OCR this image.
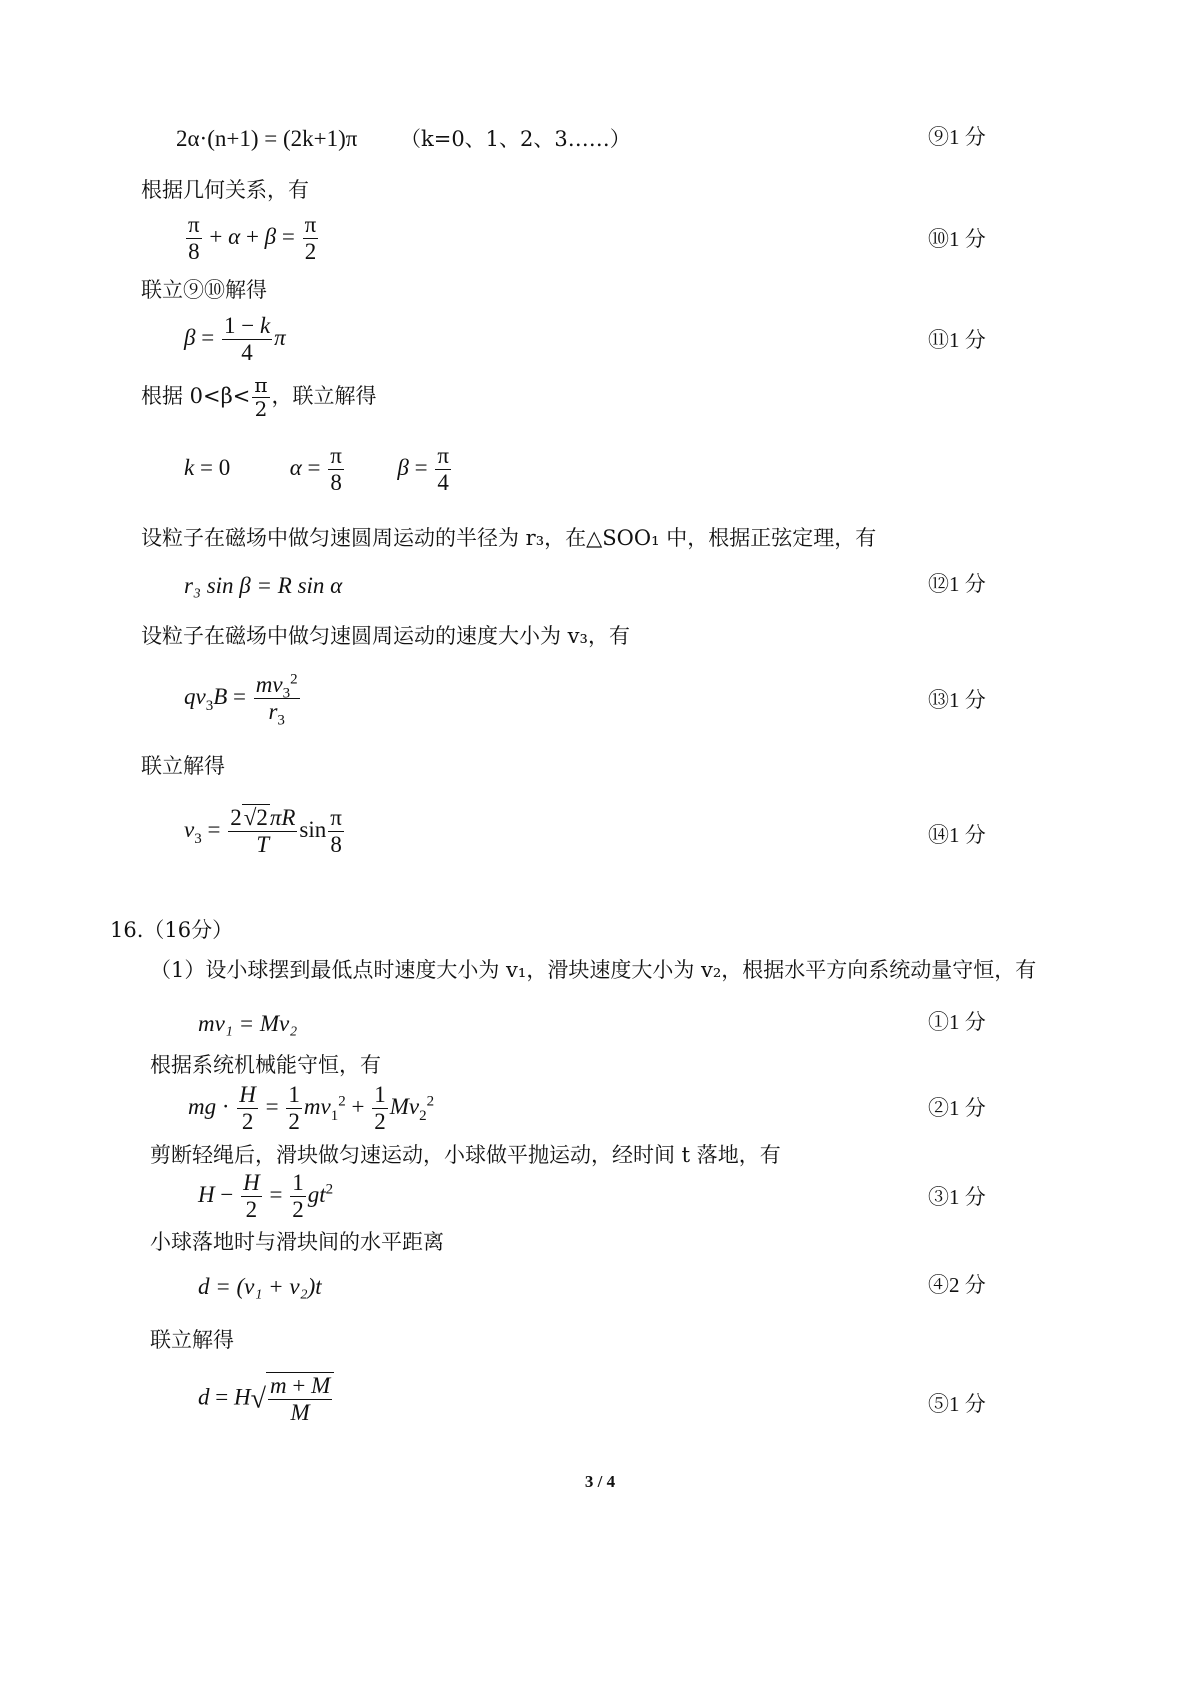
2α·(n+1) = (2k+1)π （k=0、1、2、3……）	⑨1 分
根据几何关系，有
$\frac{\pi}{8} + \alpha + \beta = \frac{\pi}{2}$	⑩1 分
联立⑨⑩解得
$\beta = \frac{1 - k}{4}$ π	⑪1 分
根据 $0<\beta< \frac{\pi}{2}$ ，联立解得
k = 0  $\alpha = \frac{\pi}{8}$ $\beta = \frac{\pi}{4}$
设粒子在磁场中做匀速圆周运动的半径为 r₃，在△SOO₁ 中，根据正弦定理，有
r₃ sin β = R sin α	⑫1 分
设粒子在磁场中做匀速圆周运动的速度大小为 v₃，有
$qv_3B = \frac{mv_3^2}{r_3}$	⑬1 分
联立解得
$v_3 = \frac{2√2\pi R}{T}$ $\sin \frac{\pi}{8}$	⑭1 分
16.（16分）
（1）设小球摆到最低点时速度大小为 v₁，滑块速度大小为 v₂，根据水平方向系统动量守恒，有
mv₁ = Mv₂	①1 分
根据系统机械能守恒，有
mg · $\frac{H}{2} = \frac{1}{2} mv_1^2 + \frac{1}{2} Mv_2^2$	②1 分
剪断轻绳后，滑块做匀速运动，小球做平抛运动，经时间 t 落地，有
$H - \frac{H}{2} = \frac{1}{2} gt^2$	③1 分
小球落地时与滑块间的水平距离
d = (v₁ + v₂)t	④2 分
联立解得
$d = H√ \frac{m + M}{M}$	⑤1 分
3 / 4
